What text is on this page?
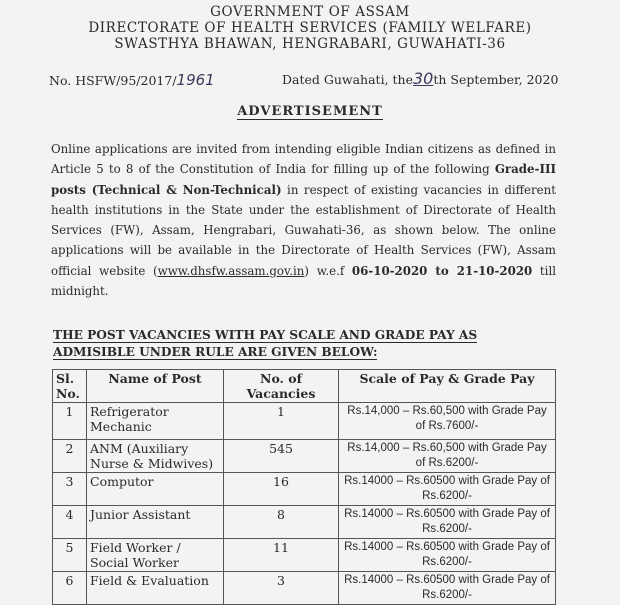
GOVERNMENT OF ASSAM
DIRECTORATE OF HEALTH SERVICES (FAMILY WELFARE)
SWASTHYA BHAWAN, HENGRABARI, GUWAHATI-36
No. HSFW/95/2017/1961	Dated Guwahati, the30th September, 2020
ADVERTISEMENT
Online applications are invited from intending eligible Indian citizens as defined in Article 5 to 8 of the Constitution of India for filling up of the following Grade-III posts (Technical & Non-Technical) in respect of existing vacancies in different health institutions in the State under the establishment of Directorate of Health Services (FW), Assam, Hengrabari, Guwahati-36, as shown below. The online applications will be available in the Directorate of Health Services (FW), Assam official website (www.dhsfw.assam.gov.in) w.e.f 06-10-2020 to 21-10-2020 till midnight.
THE POST VACANCIES WITH PAY SCALE AND GRADE PAY AS ADMISIBLE UNDER RULE ARE GIVEN BELOW:
Sl. No.	Name of Post	No. of Vacancies	Scale of Pay & Grade Pay
1	Refrigerator Mechanic	1	Rs.14,000 – Rs.60,500 with Grade Pay of Rs.7600/-
2	ANM (Auxiliary Nurse & Midwives)	545	Rs.14,000 – Rs.60,500 with Grade Pay of Rs.6200/-
3	Computor	16	Rs.14000 – Rs.60500 with Grade Pay of Rs.6200/-
4	Junior Assistant	8	Rs.14000 – Rs.60500 with Grade Pay of Rs.6200/-
5	Field Worker / Social Worker	11	Rs.14000 – Rs.60500 with Grade Pay of Rs.6200/-
6	Field & Evaluation	3	Rs.14000 – Rs.60500 with Grade Pay of Rs.6200/-
